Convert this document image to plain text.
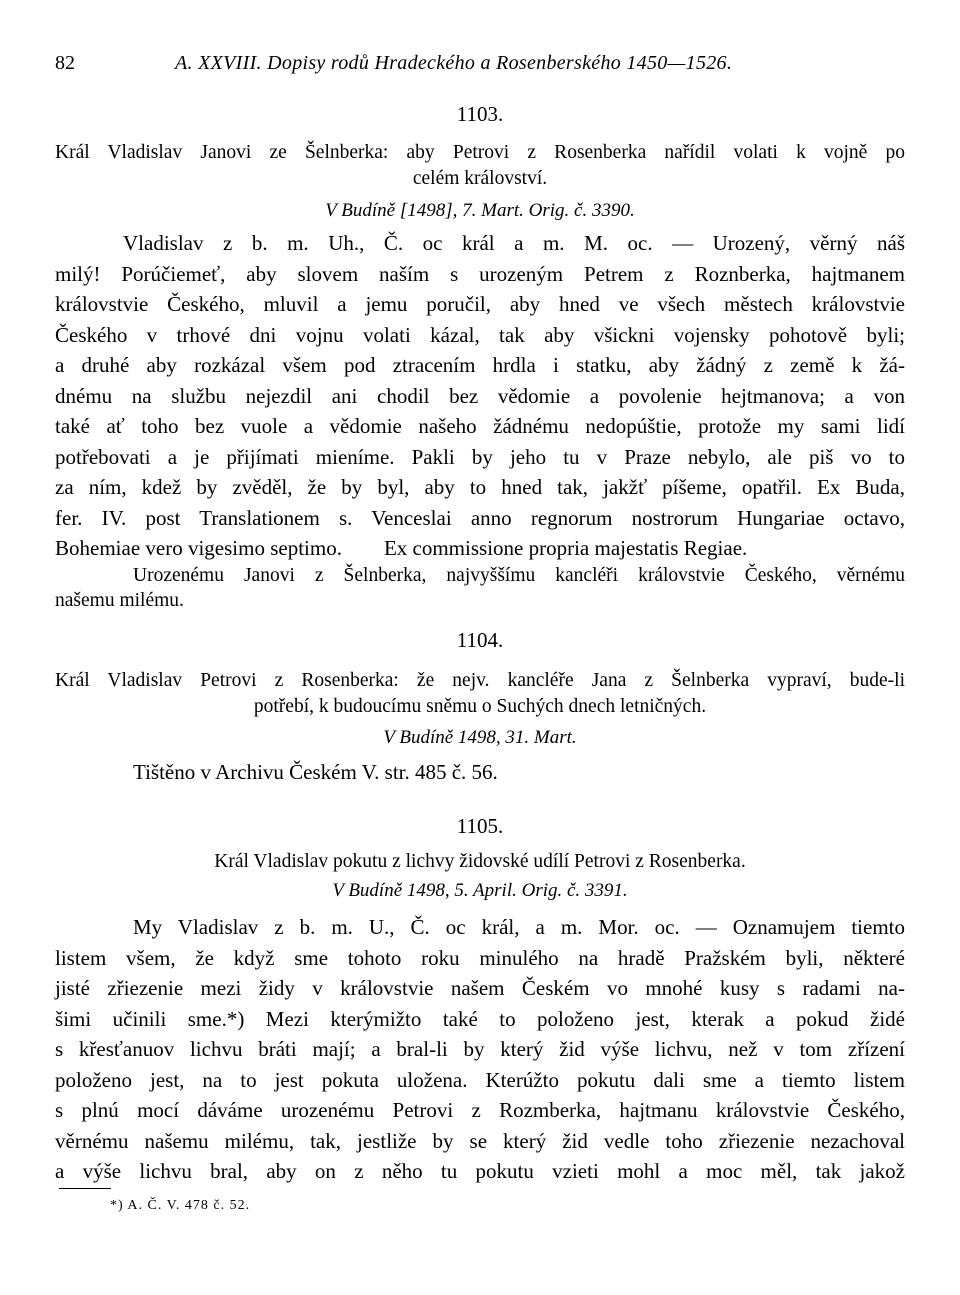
82	A. XXVIII. Dopisy rodů Hradeckého a Rosenberského 1450—1526.
1103.
Král Vladislav Janovi ze Šelnberka: aby Petrovi z Rosenberka nařídil volati k vojně po
celém království.
V Budíně [1498], 7. Mart. Orig. č. 3390.
Vladislav z b. m. Uh., Č. oc král a m. M. oc. — Urozený, věrný náš
milý! Porúčiemeť, aby slovem naším s urozeným Petrem z Roznberka, hajtmanem
královstvie Českého, mluvil a jemu poručil, aby hned ve všech městech královstvie
Českého v trhové dni vojnu volati kázal, tak aby všickni vojensky pohotově byli;
a druhé aby rozkázal všem pod ztracením hrdla i statku, aby žádný z země k žá-
dnému na službu nejezdil ani chodil bez vědomie a povolenie hejtmanova; a von
také ať toho bez vuole a vědomie našeho žádnému nedopúštie, protože my sami lidí
potřebovati a je přijímati mieníme. Pakli by jeho tu v Praze nebylo, ale piš vo to
za ním, kdež by zvěděl, že by byl, aby to hned tak, jakžť píšeme, opatřil. Ex Buda,
fer. IV. post Translationem s. Venceslai anno regnorum nostrorum Hungariae octavo,
Bohemiae vero vigesimo septimo.        Ex commissione propria majestatis Regiae.
Urozenému Janovi z Šelnberka, najvyššímu kancléři královstvie Českého, věrnému
našemu milému.
1104.
Král Vladislav Petrovi z Rosenberka: že nejv. kancléře Jana z Šelnberka vypraví, bude-li
potřebí, k budoucímu sněmu o Suchých dnech letničných.
V Budíně 1498, 31. Mart.
Tištěno v Archivu Českém V. str. 485 č. 56.
1105.
Král Vladislav pokutu z lichvy židovské udílí Petrovi z Rosenberka.
V Budíně 1498, 5. April. Orig. č. 3391.
My Vladislav z b. m. U., Č. oc král, a m. Mor. oc. — Oznamujem tiemto
listem všem, že když sme tohoto roku minulého na hradě Pražském byli, některé
jisté zřiezenie mezi židy v královstvie našem Českém vo mnohé kusy s radami na-
šimi učinili sme.*) Mezi kterýmižto také to položeno jest, kterak a pokud židé
s křesťanuov lichvu bráti mají; a bral-li by který žid výše lichvu, než v tom zřízení
položeno jest, na to jest pokuta uložena. Kterúžto pokutu dali sme a tiemto listem
s plnú mocí dáváme urozenému Petrovi z Rozmberka, hajtmanu královstvie Českého,
věrnému našemu milému, tak, jestliže by se který žid vedle toho zřiezenie nezachoval
a výše lichvu bral, aby on z něho tu pokutu vzieti mohl a moc měl, tak jakož
*) A. Č. V. 478 č. 52.
